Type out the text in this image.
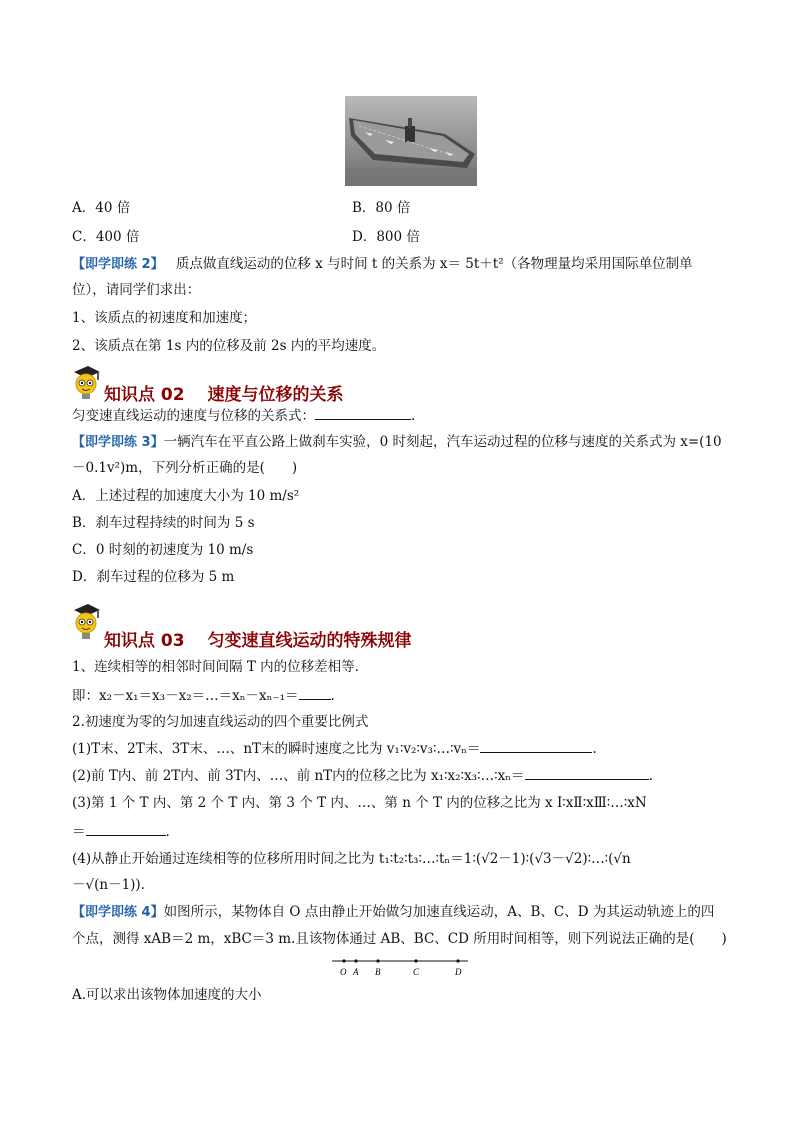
A．40 倍	B．80 倍
C．400 倍	D．800 倍
【即学即练 2】 质点做直线运动的位移 x 与时间 t 的关系为 x＝ 5t＋t²（各物理量均采用国际单位制单
位），请同学们求出：
1、该质点的初速度和加速度；
2、该质点在第 1s 内的位移及前 2s 内的平均速度。
知识点 02　 速度与位移的关系
匀变速直线运动的速度与位移的关系式：	.
【即学即练 3】一辆汽车在平直公路上做刹车实验，0 时刻起，汽车运动过程的位移与速度的关系式为 x=(10
－0.1v²)m，下列分析正确的是(　　)
A．上述过程的加速度大小为 10 m/s²
B．刹车过程持续的时间为 5 s
C．0 时刻的初速度为 10 m/s
D．刹车过程的位移为 5 m
知识点 03　 匀变速直线运动的特殊规律
1、连续相等的相邻时间间隔 T 内的位移差相等.
即：x₂－x₁＝x₃－x₂＝…＝xₙ－xₙ₋₁＝ .
2.初速度为零的匀加速直线运动的四个重要比例式
(1)T末、2T末、3T末、…、nT末的瞬时速度之比为 v₁∶v₂∶v₃∶…∶vₙ＝	.
(2)前 T内、前 2T内、前 3T内、…、前 nT内的位移之比为 x₁∶x₂∶x₃∶…∶xₙ＝	.
(3)第 1 个 T 内、第 2 个 T 内、第 3 个 T 内、…、第 n 个 T 内的位移之比为 x Ⅰ∶xⅡ∶xⅢ∶…∶xN
＝	.
(4)从静止开始通过连续相等的位移所用时间之比为 t₁∶t₂∶t₃∶…∶tₙ＝1∶(√2－1)∶(√3－√2)∶…∶(√n
－√(n－1)).
【即学即练 4】如图所示，某物体自 O 点由静止开始做匀加速直线运动，A、B、C、D 为其运动轨迹上的四
个点，测得 xAB＝2 m，xBC＝3 m.且该物体通过 AB、BC、CD 所用时间相等，则下列说法正确的是(　　)
O A B	C	D
A.可以求出该物体加速度的大小
